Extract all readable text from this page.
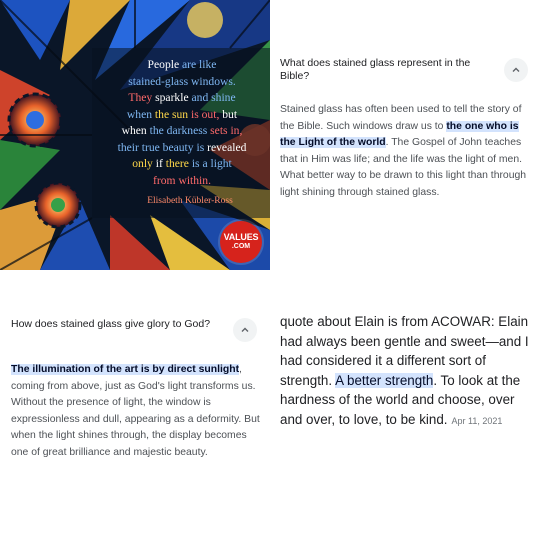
People are like
stained-glass windows.
They sparkle and shine
when the sun is out, but
when the darkness sets in,
their true beauty is revealed
only if there is a light
from within.
Elisabeth Kübler-Ross
VALUES
.COM
What does stained glass represent in the Bible?
Stained glass has often been used to tell the story of the Bible. Such windows draw us to the one who is the Light of the world. The Gospel of John teaches that in Him was life; and the life was the light of men. What better way to be drawn to this light than through light shining through stained glass.
How does stained glass give glory to God?
The illumination of the art is by direct sunlight, coming from above, just as God's light transforms us. Without the presence of light, the window is expressionless and dull, appearing as a deformity. But when the light shines through, the display becomes one of great brilliance and majestic beauty.
quote about Elain is from ACOWAR: Elain had always been gentle and sweet—and I had considered it a different sort of strength. A better strength. To look at the hardness of the world and choose, over and over, to love, to be kind. Apr 11, 2021
